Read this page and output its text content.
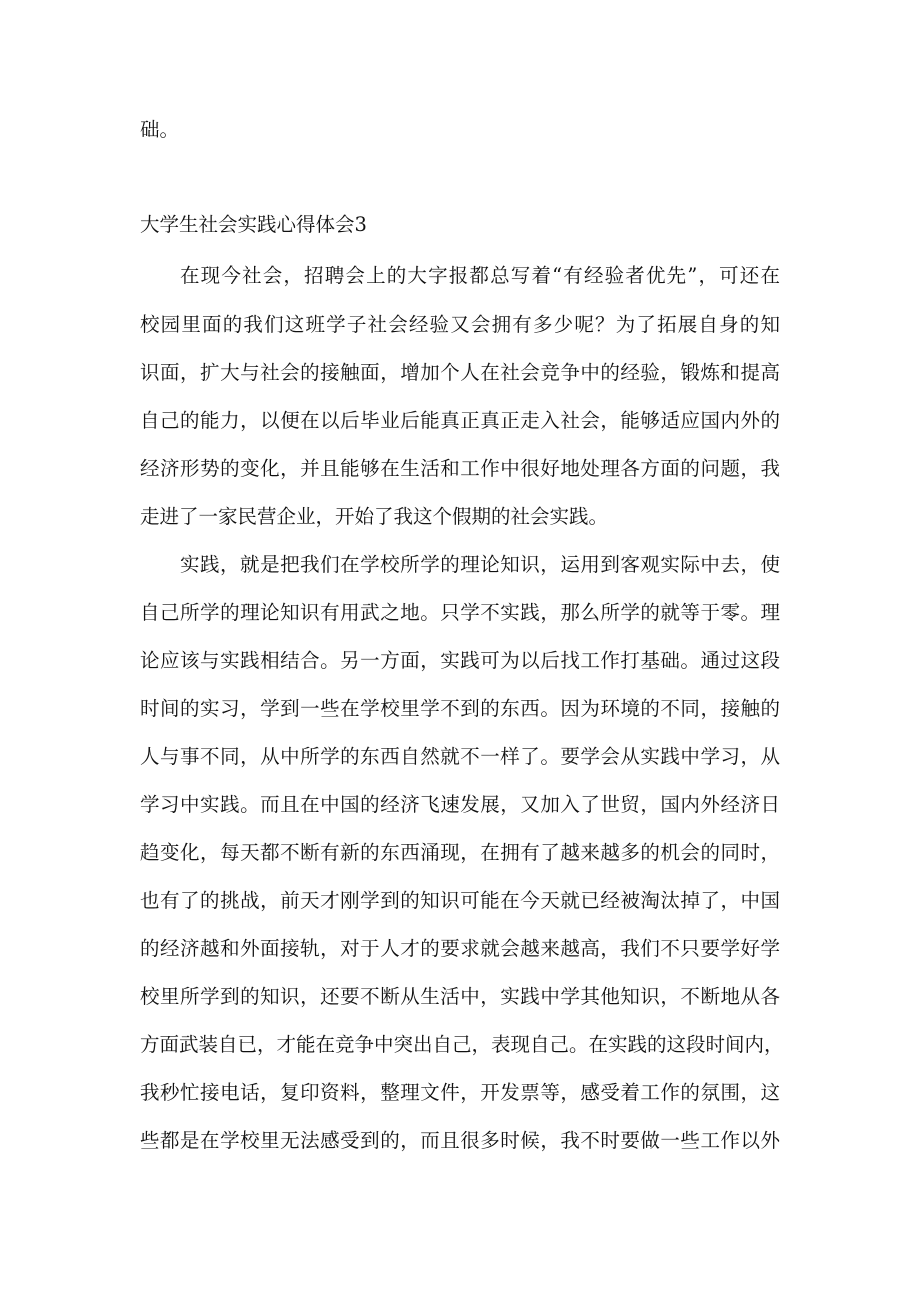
础。
大学生社会实践心得体会3
在现今社会，招聘会上的大字报都总写着“有经验者优先”，可还在
校园里面的我们这班学子社会经验又会拥有多少呢？为了拓展自身的知
识面，扩大与社会的接触面，增加个人在社会竞争中的经验，锻炼和提高
自己的能力，以便在以后毕业后能真正真正走入社会，能够适应国内外的
经济形势的变化，并且能够在生活和工作中很好地处理各方面的问题，我
走进了一家民营企业，开始了我这个假期的社会实践。
实践，就是把我们在学校所学的理论知识，运用到客观实际中去，使
自己所学的理论知识有用武之地。只学不实践，那么所学的就等于零。理
论应该与实践相结合。另一方面，实践可为以后找工作打基础。通过这段
时间的实习，学到一些在学校里学不到的东西。因为环境的不同，接触的
人与事不同，从中所学的东西自然就不一样了。要学会从实践中学习，从
学习中实践。而且在中国的经济飞速发展，又加入了世贸，国内外经济日
趋变化，每天都不断有新的东西涌现，在拥有了越来越多的机会的同时，
也有了的挑战，前天才刚学到的知识可能在今天就已经被淘汰掉了，中国
的经济越和外面接轨，对于人才的要求就会越来越高，我们不只要学好学
校里所学到的知识，还要不断从生活中，实践中学其他知识，不断地从各
方面武装自已，才能在竞争中突出自己，表现自己。在实践的这段时间内，
我秒忙接电话，复印资料，整理文件，开发票等，感受着工作的氛围，这
些都是在学校里无法感受到的，而且很多时候，我不时要做一些工作以外
